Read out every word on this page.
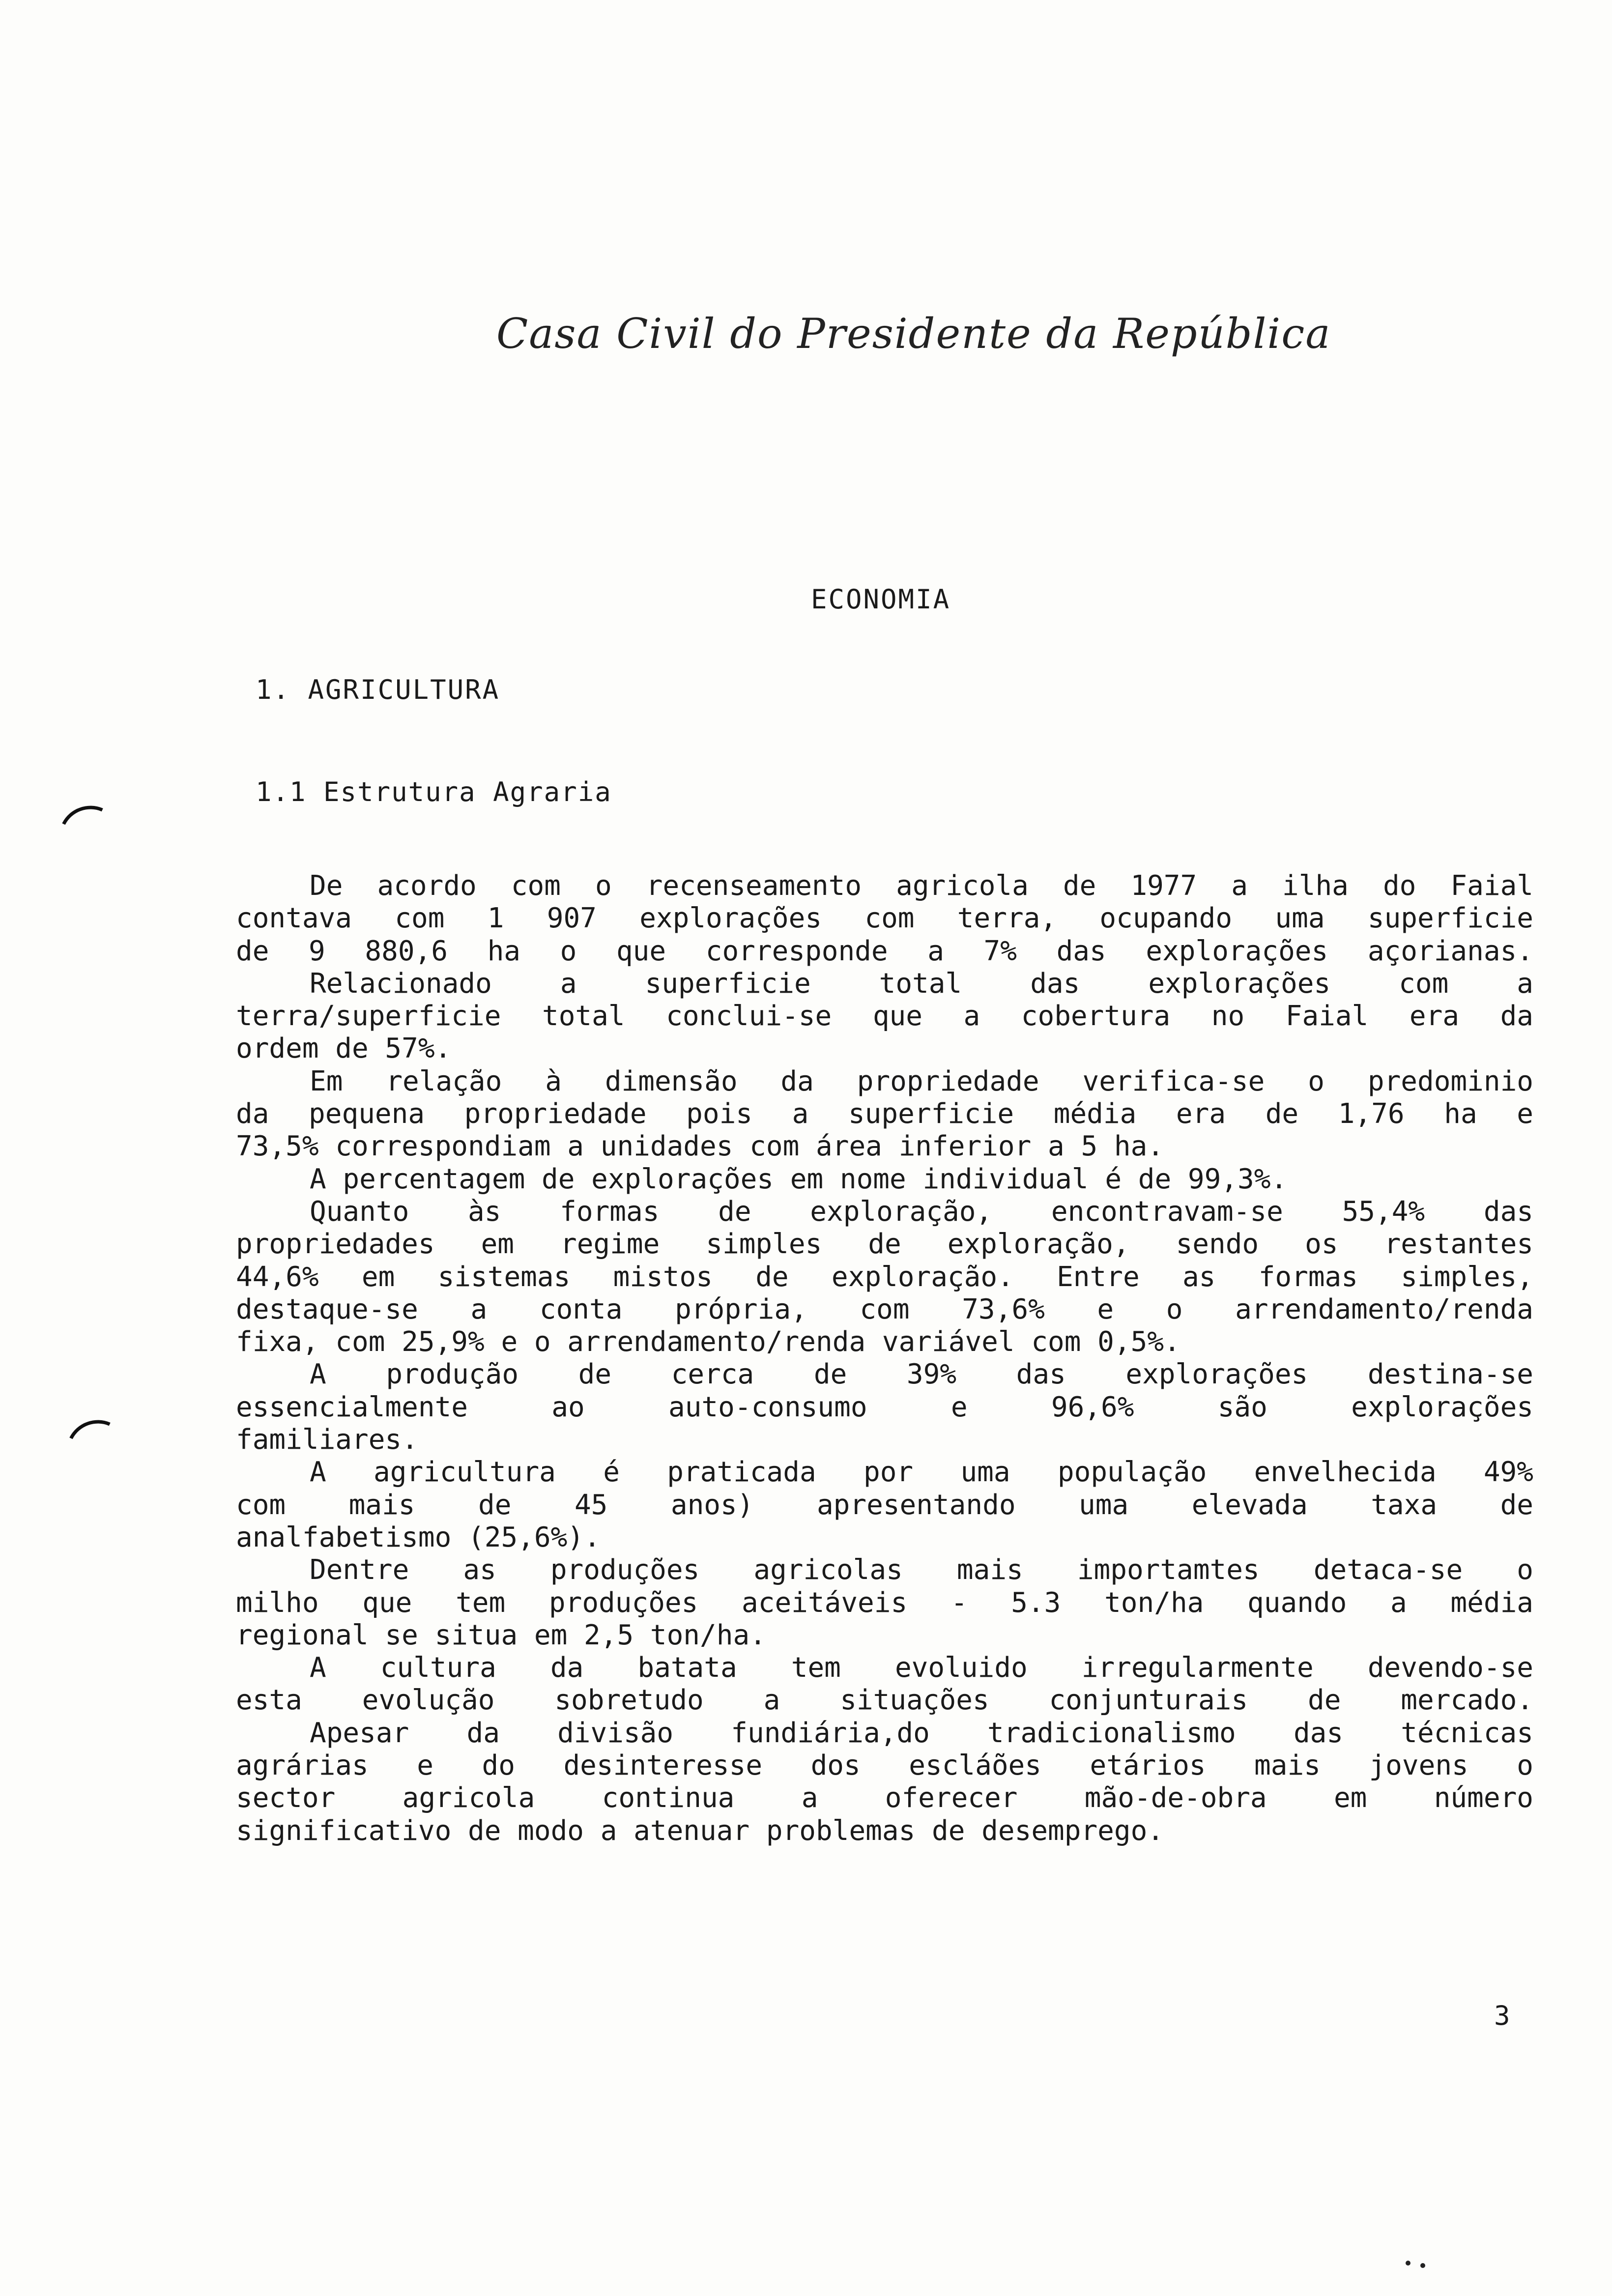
Casa Civil do Presidente da República
ECONOMIA
1. AGRICULTURA
1.1 Estrutura Agraria
De acordo com o recenseamento agricola de 1977 a ilha do Faial
contava com 1 907 explorações com terra, ocupando uma superficie
de 9 880,6 ha o que corresponde a 7% das explorações açorianas.
Relacionado a superficie total das explorações com a
terra/superficie total conclui-se que a cobertura no Faial era da
ordem de 57%.
Em relação à dimensão da propriedade verifica-se o predominio
da pequena propriedade pois a superficie média era de 1,76 ha e
73,5% correspondiam a unidades com área inferior a 5 ha.
A percentagem de explorações em nome individual é de 99,3%.
Quanto às formas de exploração, encontravam-se 55,4% das
propriedades em regime simples de exploração, sendo os restantes
44,6% em sistemas mistos de exploração. Entre as formas simples,
destaque-se a conta própria, com 73,6% e o arrendamento/renda
fixa, com 25,9% e o arrendamento/renda variável com 0,5%.
A produção de cerca de 39% das explorações destina-se
essencialmente ao auto-consumo e 96,6% são explorações
familiares.
A agricultura é praticada por uma população envelhecida 49%
com mais de 45 anos) apresentando uma elevada taxa de
analfabetismo (25,6%).
Dentre as produções agricolas mais importamtes detaca-se o
milho que tem produções aceitáveis - 5.3 ton/ha quando a média
regional se situa em 2,5 ton/ha.
A cultura da batata tem evoluido irregularmente devendo-se
esta evolução sobretudo a situações conjunturais de mercado.
Apesar da divisão fundiária,do tradicionalismo das técnicas
agrárias e do desinteresse dos escláões etários mais jovens o
sector agricola continua a oferecer mão-de-obra em número
significativo de modo a atenuar problemas de desemprego.
3
